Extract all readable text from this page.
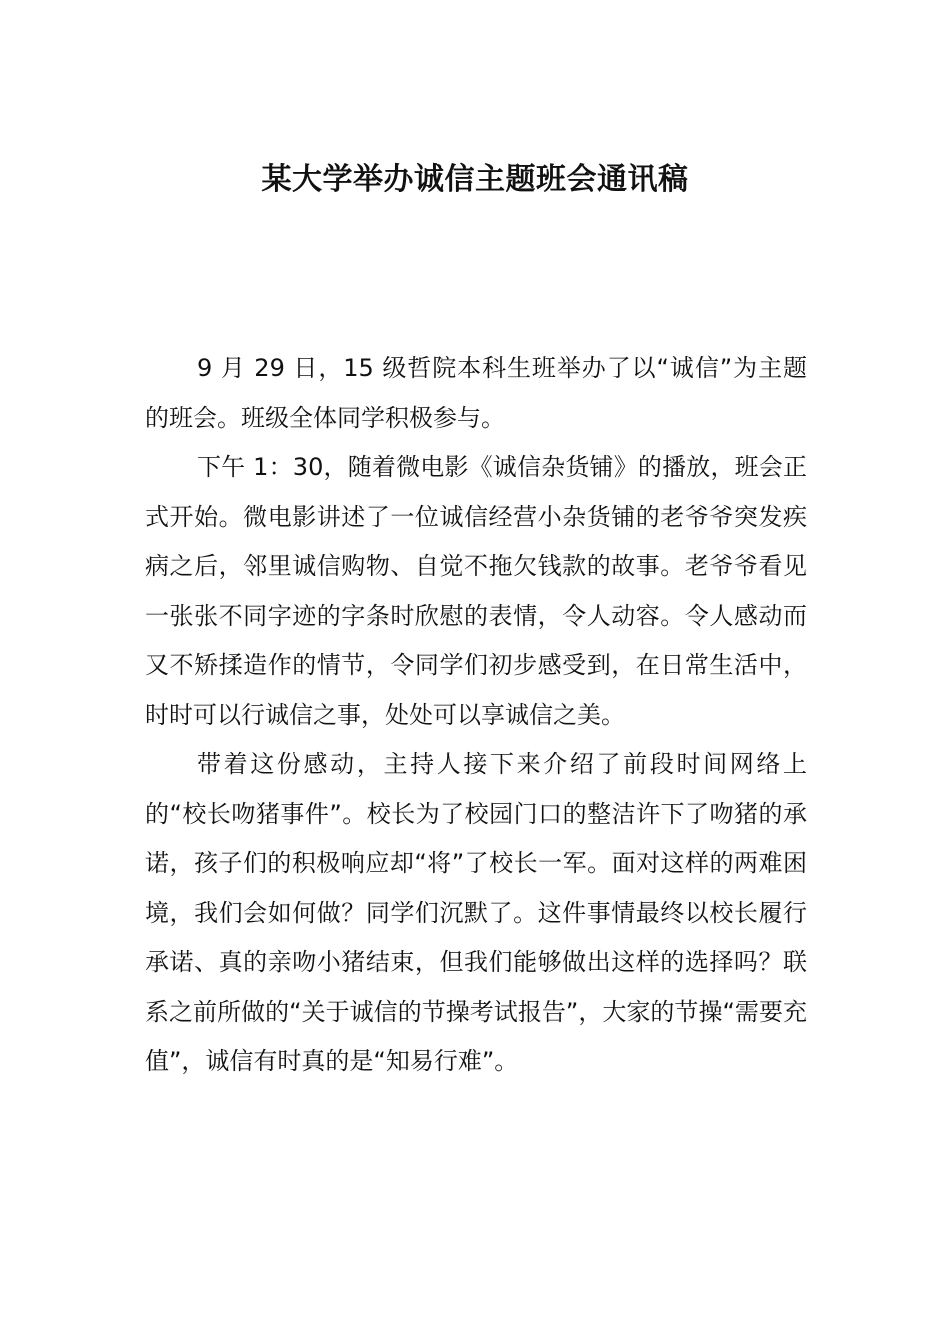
某大学举办诚信主题班会通讯稿

9 月 29 日，15 级哲院本科生班举办了以“诚信”为主题的班会。班级全体同学积极参与。

下午 1：30，随着微电影《诚信杂货铺》的播放，班会正式开始。微电影讲述了一位诚信经营小杂货铺的老爷爷突发疾病之后，邻里诚信购物、自觉不拖欠钱款的故事。老爷爷看见一张张不同字迹的字条时欣慰的表情，令人动容。令人感动而又不矫揉造作的情节，令同学们初步感受到，在日常生活中，时时可以行诚信之事，处处可以享诚信之美。

带着这份感动，主持人接下来介绍了前段时间网络上的“校长吻猪事件”。校长为了校园门口的整洁许下了吻猪的承诺，孩子们的积极响应却“将”了校长一军。面对这样的两难困境，我们会如何做？同学们沉默了。这件事情最终以校长履行承诺、真的亲吻小猪结束，但我们能够做出这样的选择吗？联系之前所做的“关于诚信的节操考试报告”，大家的节操“需要充值”，诚信有时真的是“知易行难”。
